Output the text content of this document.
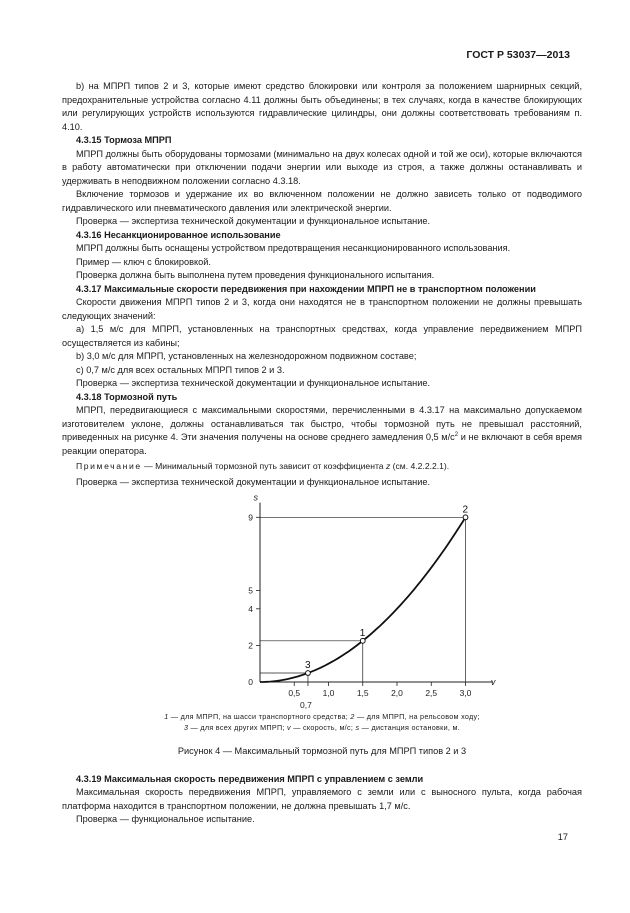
ГОСТ Р 53037—2013

b) на МПРП типов 2 и 3, которые имеют средство блокировки или контроля за положением шарнирных секций, предохранительные устройства согласно 4.11 должны быть объединены; в тех случаях, когда в качестве блокирующих или регулирующих устройств используются гидравлические цилиндры, они должны соответствовать требованиям п. 4.10.

4.3.15 Тормоза МПРП

МПРП должны быть оборудованы тормозами (минимально на двух колесах одной и той же оси), которые включаются в работу автоматически при отключении подачи энергии или выходе из строя, а также должны останавливать и удерживать в неподвижном положении согласно 4.3.18.

Включение тормозов и удержание их во включенном положении не должно зависеть только от подводимого гидравлического или пневматического давления или электрической энергии.

Проверка — экспертиза технической документации и функциональное испытание.

4.3.16 Несанкционированное использование

МПРП должны быть оснащены устройством предотвращения несанкционированного использования.

Пример — ключ с блокировкой.

Проверка должна быть выполнена путем проведения функционального испытания.

4.3.17 Максимальные скорости передвижения при нахождении МПРП не в транспортном положении

Скорости движения МПРП типов 2 и 3, когда они находятся не в транспортном положении не должны превышать следующих значений:

а) 1,5 м/с для МПРП, установленных на транспортных средствах, когда управление передвижением МПРП осуществляется из кабины;

b) 3,0 м/с для МПРП, установленных на железнодорожном подвижном составе;

c) 0,7 м/с для всех остальных МПРП типов 2 и 3.

Проверка — экспертиза технической документации и функциональное испытание.

4.3.18 Тормозной путь

МПРП, передвигающиеся с максимальными скоростями, перечисленными в 4.3.17 на максимально допускаемом изготовителем уклоне, должны останавливаться так быстро, чтобы тормозной путь не превышал расстояний, приведенных на рисунке 4. Эти значения получены на основе среднего замедления 0,5 $м/с^2$ и не включают в себя время реакции оператора.

Примечание — Минимальный тормозной путь зависит от коэффициента z (см. 4.2.2.2.1).

Проверка — экспертиза технической документации и функциональное испытание.

0,5	1,0	1,5	2,0	2,5	3,0
0,7
0
2
4
5
9
v
s
3
1
2
1 — для МПРП, на шасси транспортного средства; 2 — для МПРП, на рельсовом ходу;
3 — для всех других МПРП; v — скорость, м/с; s — дистанция остановки, м.
Рисунок 4 — Максимальный тормозной путь для МПРП типов 2 и 3
4.3.19 Максимальная скорость передвижения МПРП с управлением с земли

Максимальная скорость передвижения МПРП, управляемого с земли или с выносного пульта, когда рабочая платформа находится в транспортном положении, не должна превышать 1,7 м/с.

Проверка — функциональное испытание.

17
